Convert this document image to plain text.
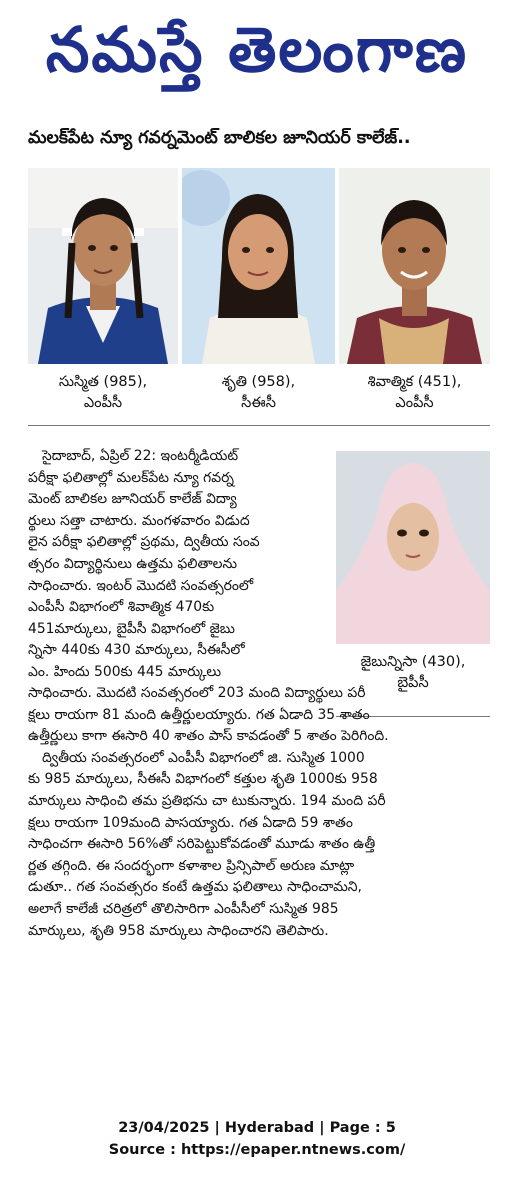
నమస్తే తెలంగాణ
మలక్‌పేట న్యూ గవర్నమెంట్ బాలికల జూనియర్ కాలేజ్..
సుస్మిత (985),
ఎంపీసీ
శృతి (958),
సీఈసీ
శివాత్మిక (451),
ఎంపీసీ
జైబున్నిసా (430),
బైపీసీ
సైదాబాద్, ఏప్రిల్ 22: ఇంటర్మీడియట్
పరీక్షా ఫలితాల్లో మలక్‌పేట న్యూ గవర్న
మెంట్ బాలికల జూనియర్ కాలేజ్ విద్యా
ర్థులు సత్తా చాటారు. మంగళవారం విడుద
లైన పరీక్షా ఫలితాల్లో ప్రథమ, ద్వితీయ సంవ
త్సరం విద్యార్థినులు ఉత్తమ ఫలితాలను
సాధించారు. ఇంటర్ మొదటి సంవత్సరంలో
ఎంపీసీ విభాగంలో శివాత్మిక 470కు
451మార్కులు, బైపీసీ విభాగంలో జైబు
న్నిసా 440కు 430 మార్కులు, సీఈసీలో
ఎం. హిందు 500కు 445 మార్కులు
సాధించారు. మొదటి సంవత్సరంలో 203 మంది విద్యార్థులు పరీ
క్షలు రాయగా 81 మంది ఉత్తీర్ణులయ్యారు. గత ఏడాది 35 శాతం
ఉత్తీర్ణులు కాగా ఈసారి 40 శాతం పాస్ కావడంతో 5 శాతం పెరిగింది.
ద్వితీయ సంవత్సరంలో ఎంపీసీ విభాగంలో జి. సుస్మిత 1000
కు 985 మార్కులు, సీఈసీ విభాగంలో కత్తుల శృతి 1000కు 958
మార్కులు సాధించి తమ ప్రతిభను చా టుకున్నారు. 194 మంది పరీ
క్షలు రాయగా 109మంది పాసయ్యారు. గత ఏడాది 59 శాతం
సాధించగా ఈసారి 56%తో సరిపెట్టుకోవడంతో మూడు శాతం ఉత్తీ
ర్ణత తగ్గింది. ఈ సందర్భంగా కళాశాల ప్రిన్సిపాల్ అరుణ మాట్లా
డుతూ.. గత సంవత్సరం కంటే ఉత్తమ ఫలితాలు సాధించామని,
అలాగే కాలేజీ చరిత్రలో తొలిసారిగా ఎంపీసీలో సుస్మిత 985
మార్కులు, శృతి 958 మార్కులు సాధించారని తెలిపారు.
23/04/2025 | Hyderabad | Page : 5
Source : https://epaper.ntnews.com/
